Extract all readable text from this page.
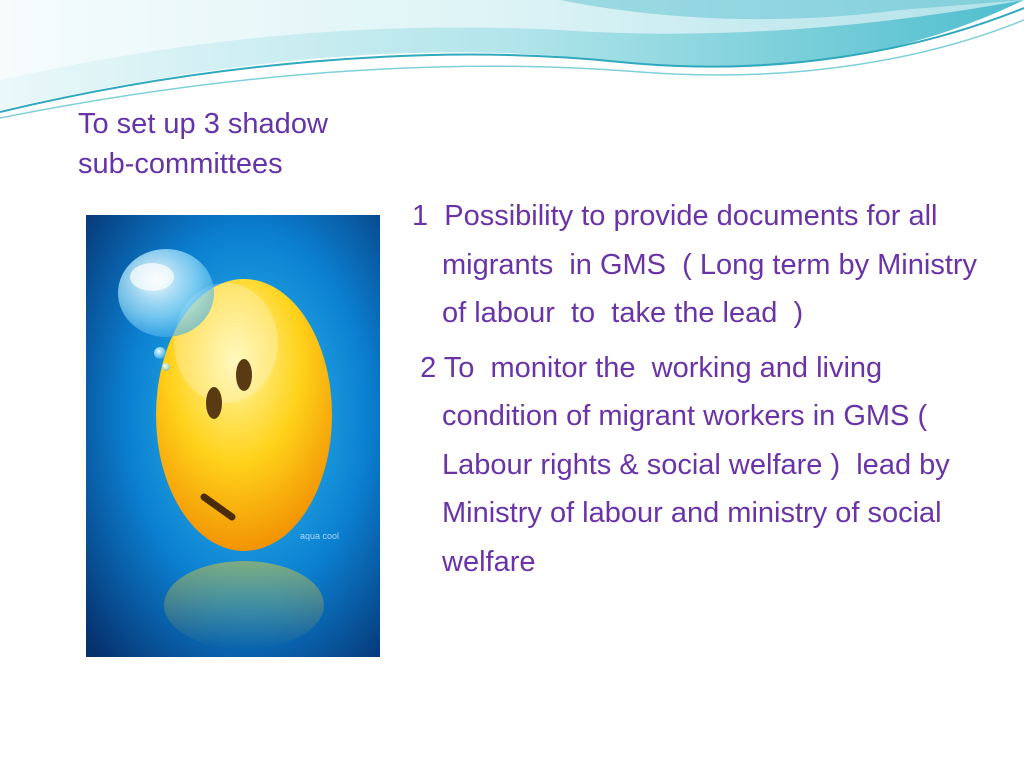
To set up 3 shadow
sub-committees
aqua cool
1  Possibility to provide documents for all migrants  in GMS  ( Long term by Ministry of labour  to  take the lead  )
2 To  monitor the  working and living condition of migrant workers in GMS ( Labour rights & social welfare )  lead by Ministry of labour and ministry of social welfare
